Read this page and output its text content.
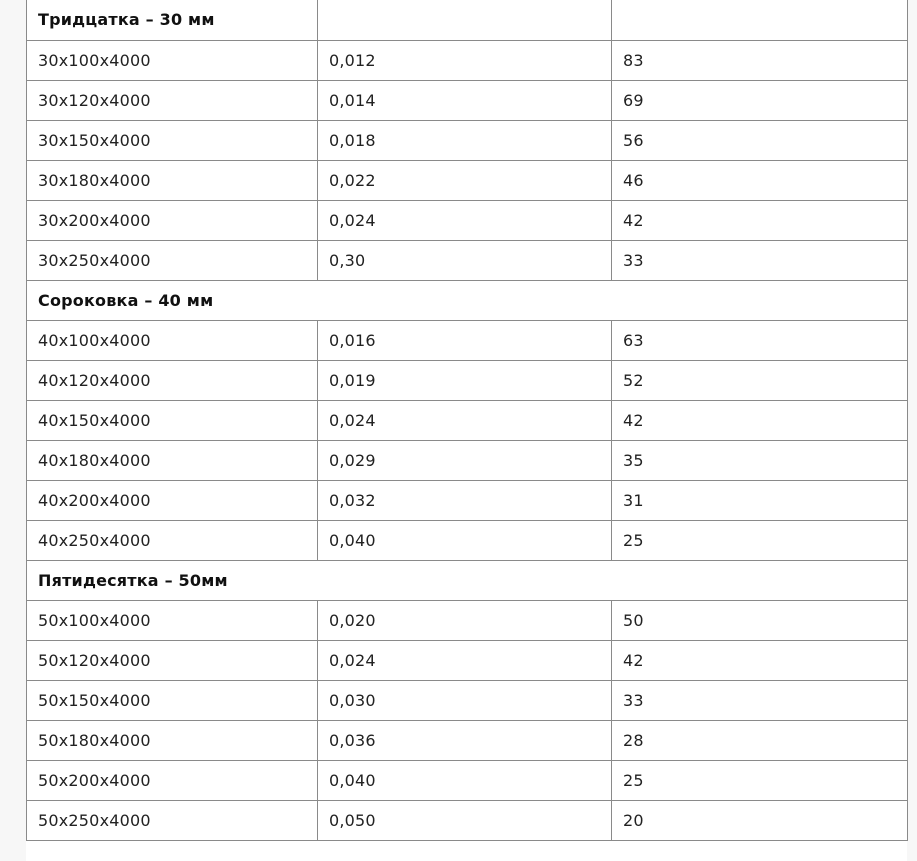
Тридцатка – 30 мм		
30x100x4000	0,012	83
30x120x4000	0,014	69
30x150x4000	0,018	56
30x180x4000	0,022	46
30x200x4000	0,024	42
30x250x4000	0,30	33
Сороковка – 40 мм		
40x100x4000	0,016	63
40x120x4000	0,019	52
40x150x4000	0,024	42
40x180x4000	0,029	35
40x200x4000	0,032	31
40x250x4000	0,040	25
Пятидесятка – 50мм		
50x100x4000	0,020	50
50x120x4000	0,024	42
50x150x4000	0,030	33
50x180x4000	0,036	28
50x200x4000	0,040	25
50x250x4000	0,050	20
